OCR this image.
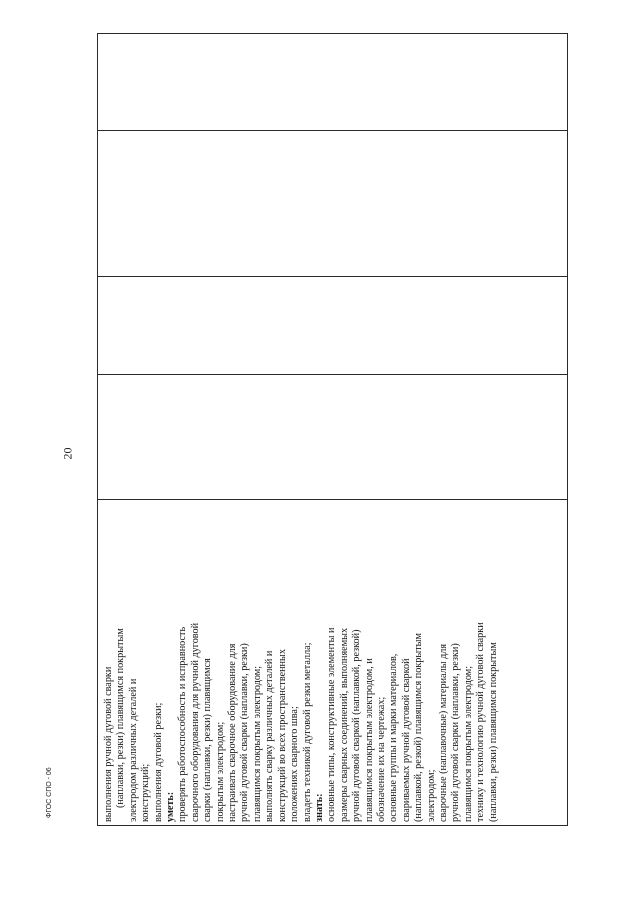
20
выполнения ручной дуговой сварки (наплавки, резки) плавящимся покрытым электродом различных деталей и конструкций; выполнения дуговой резки; уметь: проверять работоспособность и исправность сварочного оборудования для ручной дуговой сварки (наплавки, резки) плавящимся покрытым электродом; настраивать сварочное оборудование для ручной дуговой сварки (наплавки, резки) плавящимся покрытым электродом; выполнять сварку различных деталей и конструкций во всех пространственных положениях сварного шва; владеть техникой дуговой резки металла; знать: основные типы, конструктивные элементы и размеры сварных соединений, выполняемых ручной дуговой сваркой (наплавкой, резкой) плавящимся покрытым электродом, и обозначение их на чертежах; основные группы и марки материалов, свариваемых ручной дуговой сваркой (наплавкой, резкой) плавящимся покрытым электродом; сварочные (наплавочные) материалы для ручной дуговой сварки (наплавки, резки) плавящимся покрытым электродом; технику и технологию ручной дуговой сварки (наплавки, резки) плавящимся покрытым
ФГОС СПО - 06
